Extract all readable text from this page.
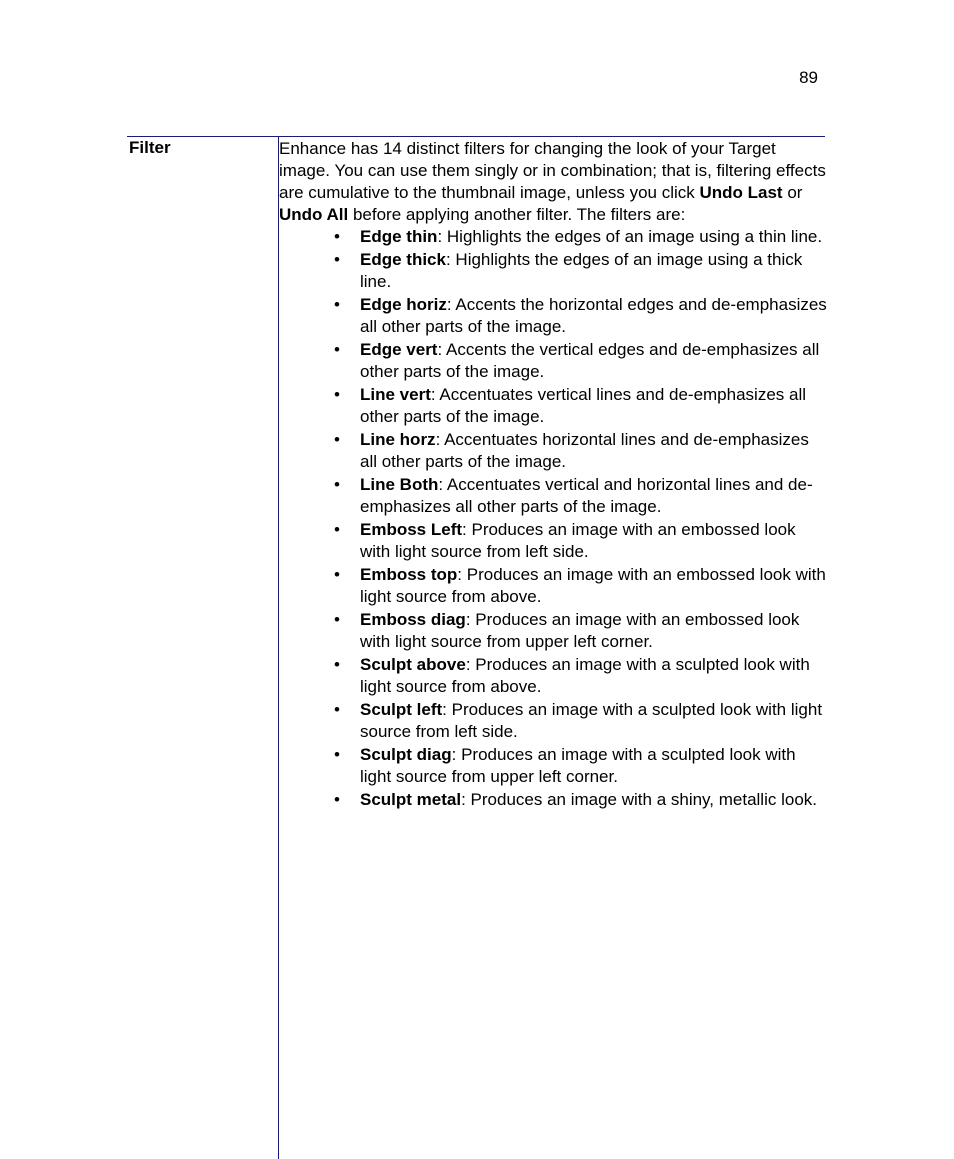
89
Filter	Enhance has 14 distinct filters for changing the look of your Target image. You can use them singly or in combination; that is, filtering effects are cumulative to the thumbnail image, unless you click Undo Last or Undo All before applying another filter. The filters are:

• Edge thin: Highlights the edges of an image using a thin line.
• Edge thick: Highlights the edges of an image using a thick line.
• Edge horiz: Accents the horizontal edges and de-emphasizes all other parts of the image.
• Edge vert: Accents the vertical edges and de-emphasizes all other parts of the image.
• Line vert: Accentuates vertical lines and de-emphasizes all other parts of the image.
• Line horz: Accentuates horizontal lines and de-emphasizes all other parts of the image.
• Line Both: Accentuates vertical and horizontal lines and de-emphasizes all other parts of the image.
• Emboss Left: Produces an image with an embossed look with light source from left side.
• Emboss top: Produces an image with an embossed look with light source from above.
• Emboss diag: Produces an image with an embossed look with light source from upper left corner.
• Sculpt above: Produces an image with a sculpted look with light source from above.
• Sculpt left: Produces an image with a sculpted look with light source from left side.
• Sculpt diag: Produces an image with a sculpted look with light source from upper left corner.
• Sculpt metal: Produces an image with a shiny, metallic look.
